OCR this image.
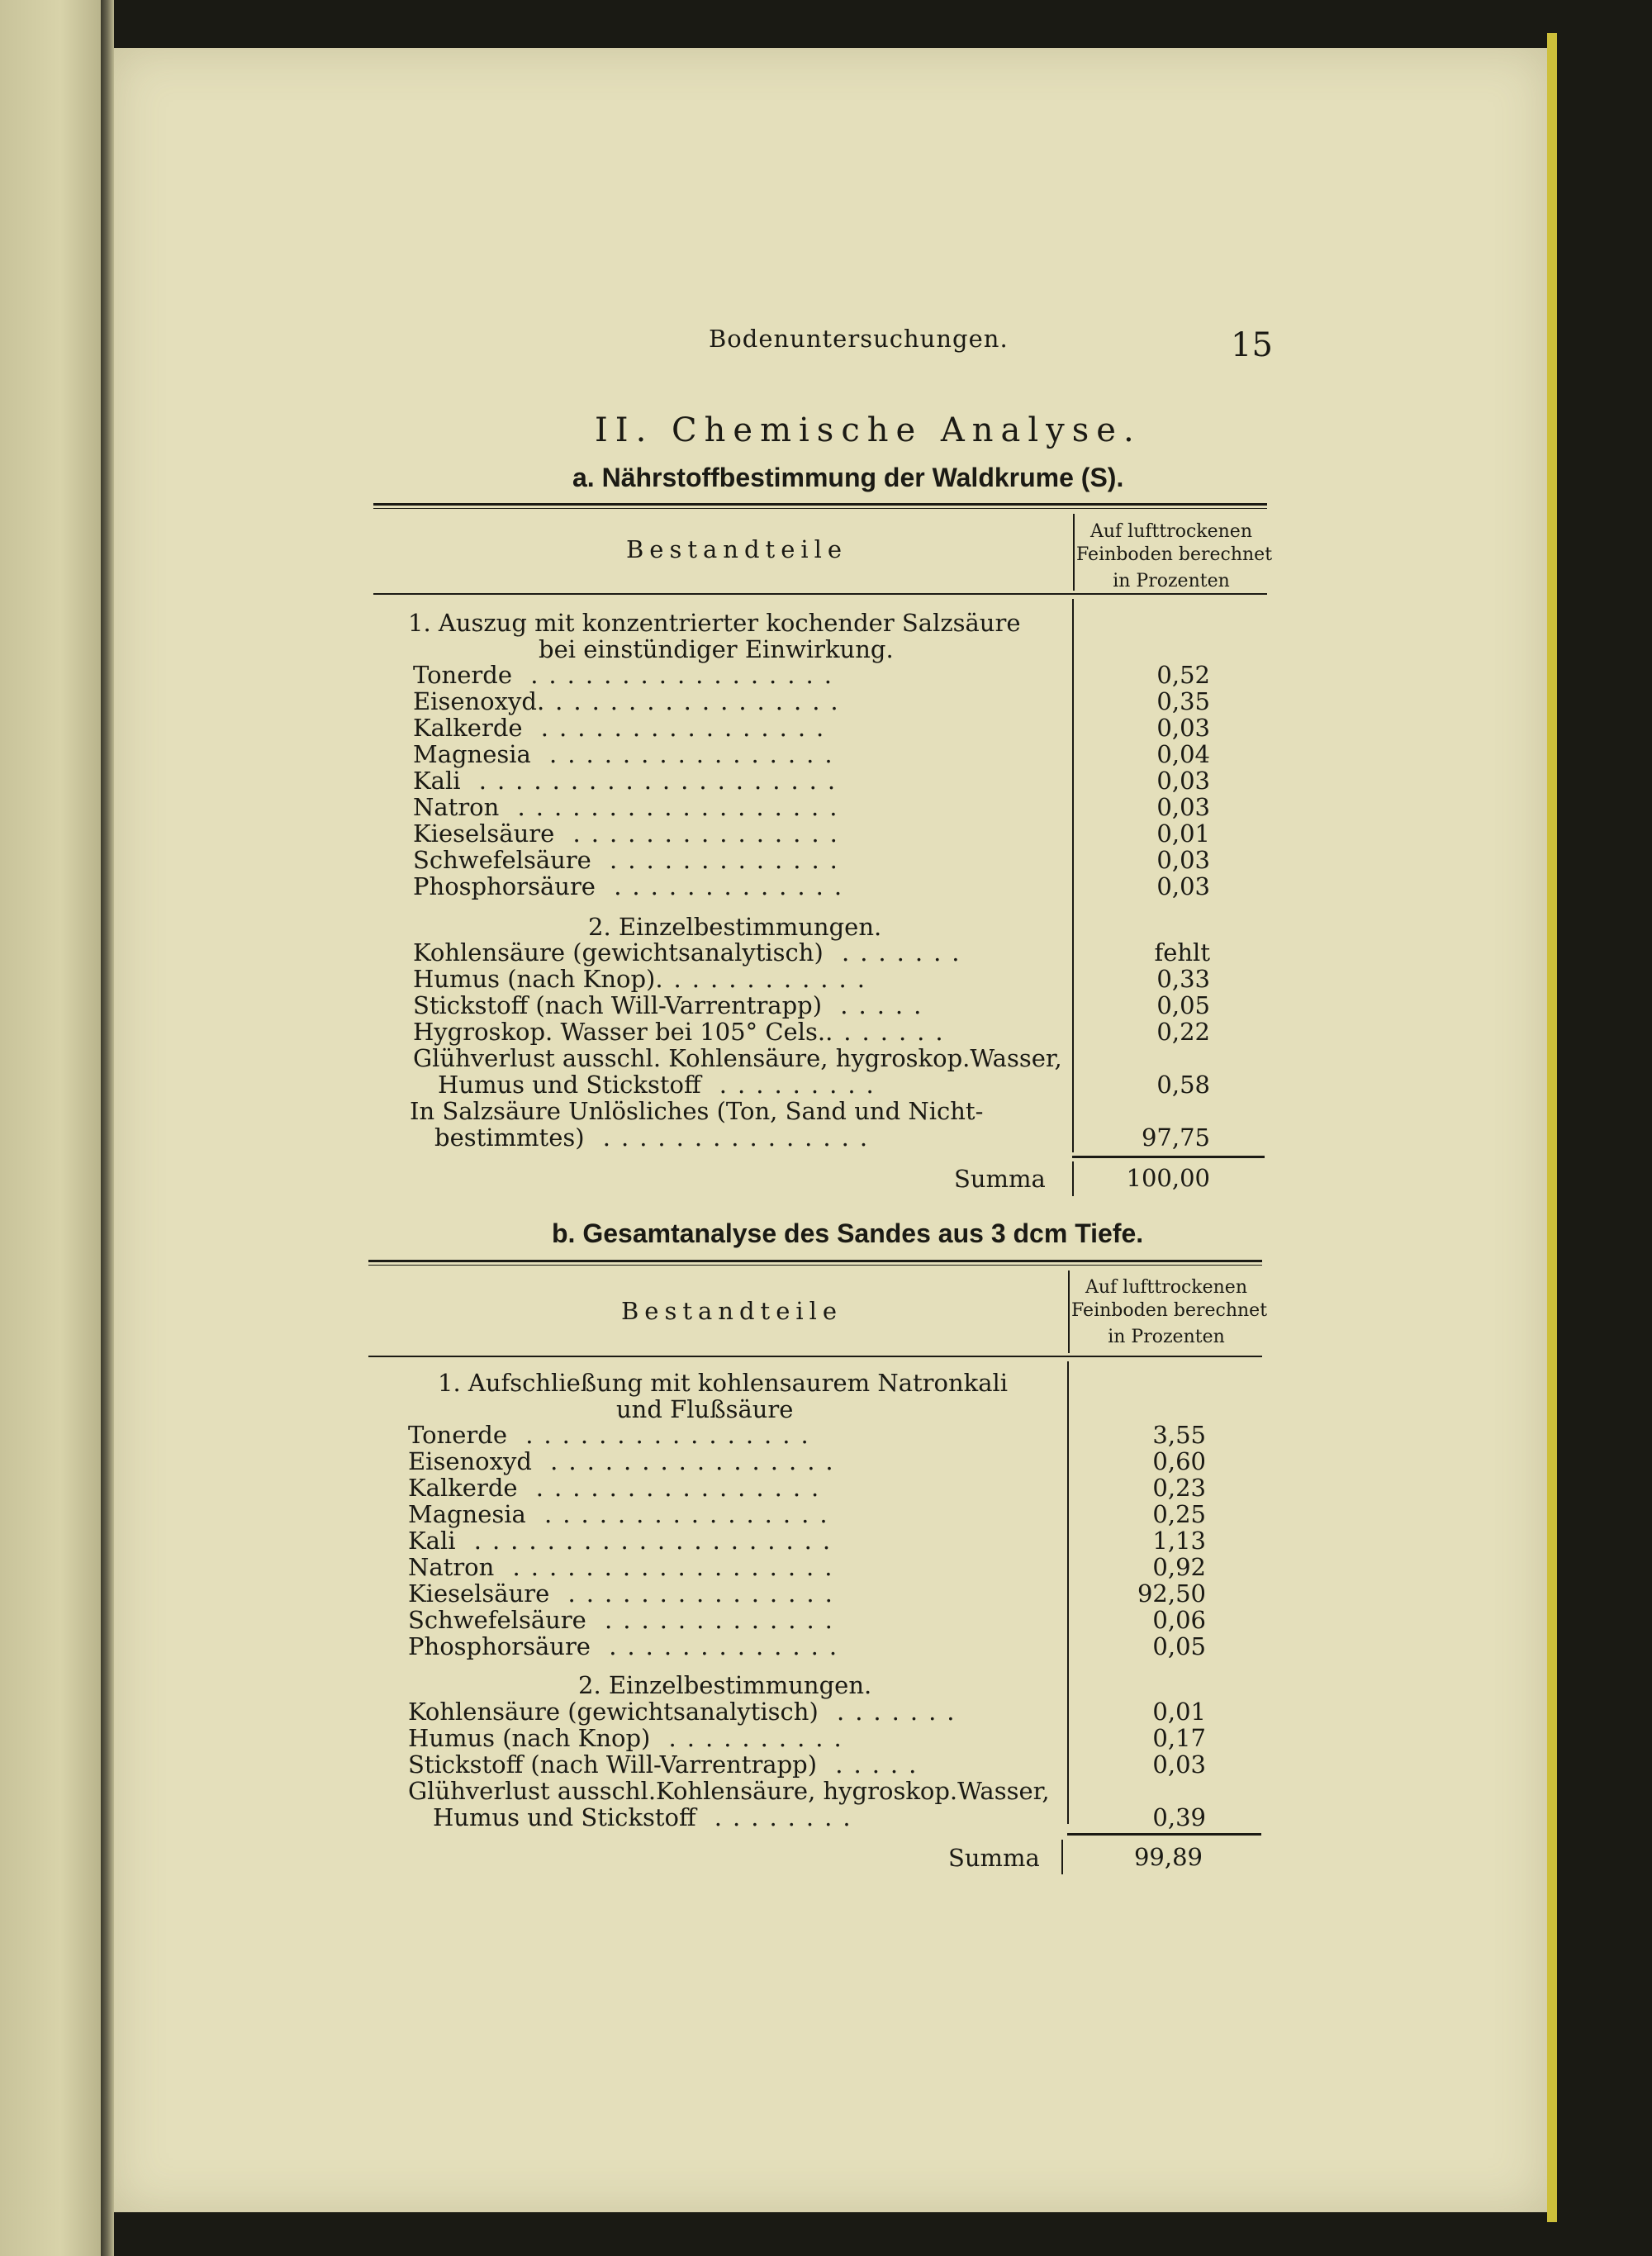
Bodenuntersuchungen.	15
II. Chemische Analyse.
a. Nährstoffbestimmung der Waldkrume (S).
Bestandteile
Auf lufttrockenen
Feinboden berechnet
in Prozenten
1. Auszug mit konzentrierter kochender Salzsäure
bei einstündiger Einwirkung.
Tonerde .................	0,52
Eisenoxyd.................	0,35
Kalkerde ................	0,03
Magnesia ................	0,04
Kali ....................	0,03
Natron ..................	0,03
Kieselsäure ...............	0,01
Schwefelsäure .............	0,03
Phosphorsäure .............	0,03
2. Einzelbestimmungen.
Kohlensäure (gewichtsanalytisch) .......	fehlt
Humus (nach Knop)............	0,33
Stickstoff (nach Will-Varrentrapp) .....	0,05
Hygroskop. Wasser bei 105° Cels........	0,22
Glühverlust ausschl. Kohlensäure, hygroskop.Wasser,
Humus und Stickstoff .........	0,58
In Salzsäure Unlösliches (Ton, Sand und Nicht-
bestimmtes) ...............	97,75
Summa	100,00
b. Gesamtanalyse des Sandes aus 3 dcm Tiefe.
Bestandteile
Auf lufttrockenen
Feinboden berechnet
in Prozenten
1. Aufschließung mit kohlensaurem Natronkali
und Flußsäure
Tonerde ................	3,55
Eisenoxyd ................	0,60
Kalkerde ................	0,23
Magnesia ................	0,25
Kali ....................	1,13
Natron ..................	0,92
Kieselsäure ...............	92,50
Schwefelsäure .............	0,06
Phosphorsäure .............	0,05
2. Einzelbestimmungen.
Kohlensäure (gewichtsanalytisch) .......	0,01
Humus (nach Knop) ..........	0,17
Stickstoff (nach Will-Varrentrapp) .....	0,03
Glühverlust ausschl.Kohlensäure, hygroskop.Wasser,
Humus und Stickstoff ........	0,39
Summa	99,89
